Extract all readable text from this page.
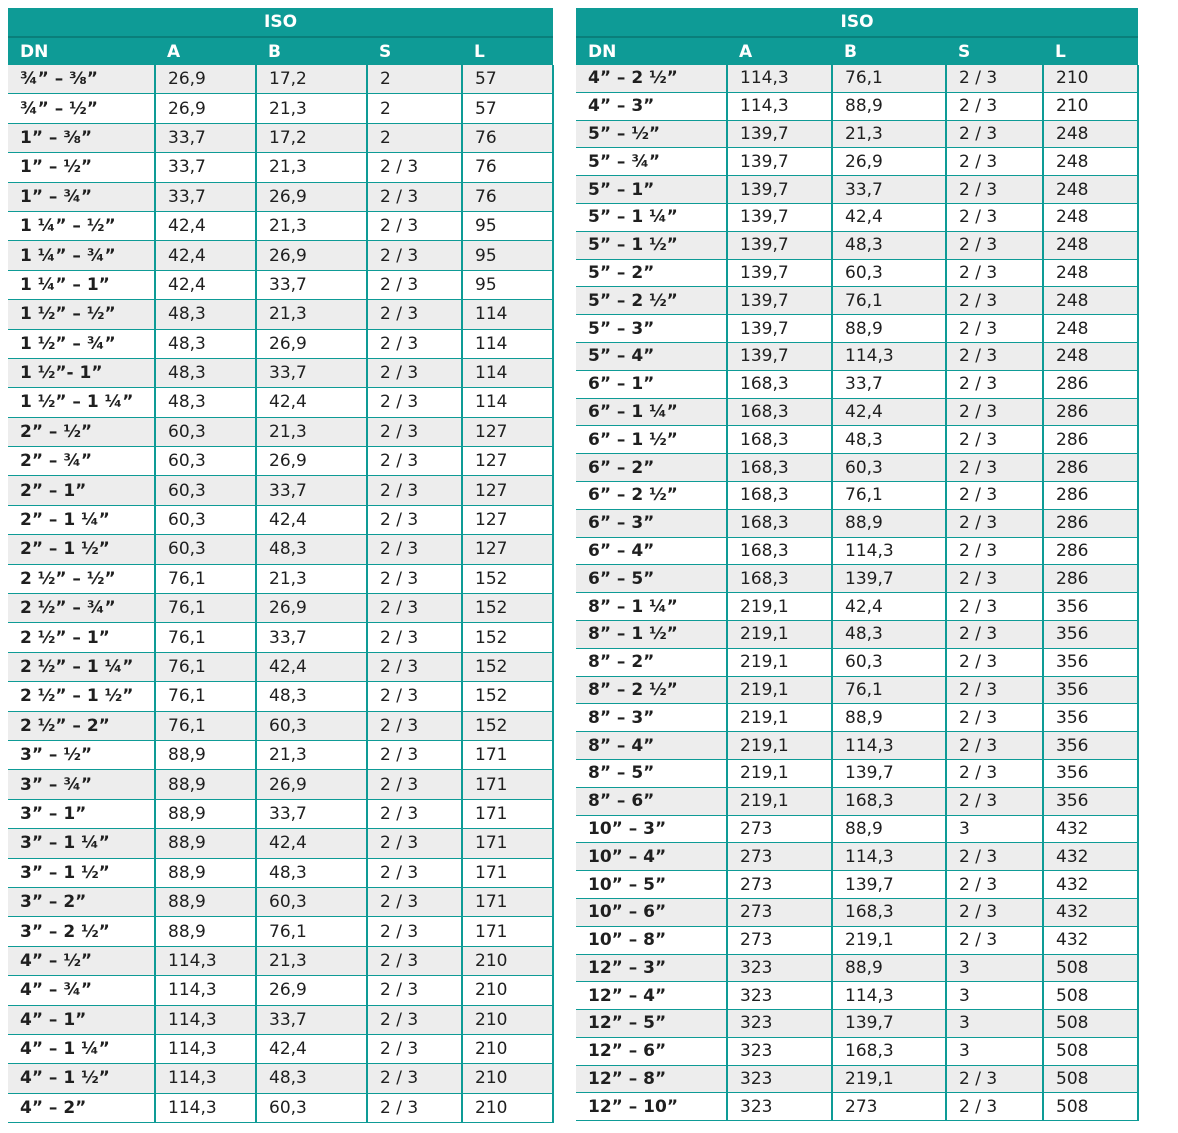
ISO				
DN	A	B	S	L
¾” – ⅜”	26,9	17,2	2	57
¾” – ½”	26,9	21,3	2	57
1” – ⅜”	33,7	17,2	2	76
1” – ½”	33,7	21,3	2 / 3	76
1” – ¾”	33,7	26,9	2 / 3	76
1 ¼” – ½”	42,4	21,3	2 / 3	95
1 ¼” – ¾”	42,4	26,9	2 / 3	95
1 ¼” – 1”	42,4	33,7	2 / 3	95
1 ½” – ½”	48,3	21,3	2 / 3	114
1 ½” – ¾”	48,3	26,9	2 / 3	114
1 ½”- 1”	48,3	33,7	2 / 3	114
1 ½” – 1 ¼”	48,3	42,4	2 / 3	114
2” – ½”	60,3	21,3	2 / 3	127
2” – ¾”	60,3	26,9	2 / 3	127
2” – 1”	60,3	33,7	2 / 3	127
2” – 1 ¼”	60,3	42,4	2 / 3	127
2” – 1 ½”	60,3	48,3	2 / 3	127
2 ½” – ½”	76,1	21,3	2 / 3	152
2 ½” – ¾”	76,1	26,9	2 / 3	152
2 ½” – 1”	76,1	33,7	2 / 3	152
2 ½” – 1 ¼”	76,1	42,4	2 / 3	152
2 ½” – 1 ½”	76,1	48,3	2 / 3	152
2 ½” – 2”	76,1	60,3	2 / 3	152
3” – ½”	88,9	21,3	2 / 3	171
3” – ¾”	88,9	26,9	2 / 3	171
3” – 1”	88,9	33,7	2 / 3	171
3” – 1 ¼”	88,9	42,4	2 / 3	171
3” – 1 ½”	88,9	48,3	2 / 3	171
3” – 2”	88,9	60,3	2 / 3	171
3” – 2 ½”	88,9	76,1	2 / 3	171
4” – ½”	114,3	21,3	2 / 3	210
4” – ¾”	114,3	26,9	2 / 3	210
4” – 1”	114,3	33,7	2 / 3	210
4” – 1 ¼”	114,3	42,4	2 / 3	210
4” – 1 ½”	114,3	48,3	2 / 3	210
4” – 2”	114,3	60,3	2 / 3	210
ISO				
DN	A	B	S	L
4” – 2 ½”	114,3	76,1	2 / 3	210
4” – 3”	114,3	88,9	2 / 3	210
5” – ½”	139,7	21,3	2 / 3	248
5” – ¾”	139,7	26,9	2 / 3	248
5” – 1”	139,7	33,7	2 / 3	248
5” – 1 ¼”	139,7	42,4	2 / 3	248
5” – 1 ½”	139,7	48,3	2 / 3	248
5” – 2”	139,7	60,3	2 / 3	248
5” – 2 ½”	139,7	76,1	2 / 3	248
5” – 3”	139,7	88,9	2 / 3	248
5” – 4”	139,7	114,3	2 / 3	248
6” – 1”	168,3	33,7	2 / 3	286
6” – 1 ¼”	168,3	42,4	2 / 3	286
6” – 1 ½”	168,3	48,3	2 / 3	286
6” – 2”	168,3	60,3	2 / 3	286
6” – 2 ½”	168,3	76,1	2 / 3	286
6” – 3”	168,3	88,9	2 / 3	286
6” – 4”	168,3	114,3	2 / 3	286
6” – 5”	168,3	139,7	2 / 3	286
8” – 1 ¼”	219,1	42,4	2 / 3	356
8” – 1 ½”	219,1	48,3	2 / 3	356
8” – 2”	219,1	60,3	2 / 3	356
8” – 2 ½”	219,1	76,1	2 / 3	356
8” – 3”	219,1	88,9	2 / 3	356
8” – 4”	219,1	114,3	2 / 3	356
8” – 5”	219,1	139,7	2 / 3	356
8” – 6”	219,1	168,3	2 / 3	356
10” – 3”	273	88,9	3	432
10” – 4”	273	114,3	2 / 3	432
10” – 5”	273	139,7	2 / 3	432
10” – 6”	273	168,3	2 / 3	432
10” – 8”	273	219,1	2 / 3	432
12” – 3”	323	88,9	3	508
12” – 4”	323	114,3	3	508
12” – 5”	323	139,7	3	508
12” – 6”	323	168,3	3	508
12” – 8”	323	219,1	2 / 3	508
12” – 10”	323	273	2 / 3	508
